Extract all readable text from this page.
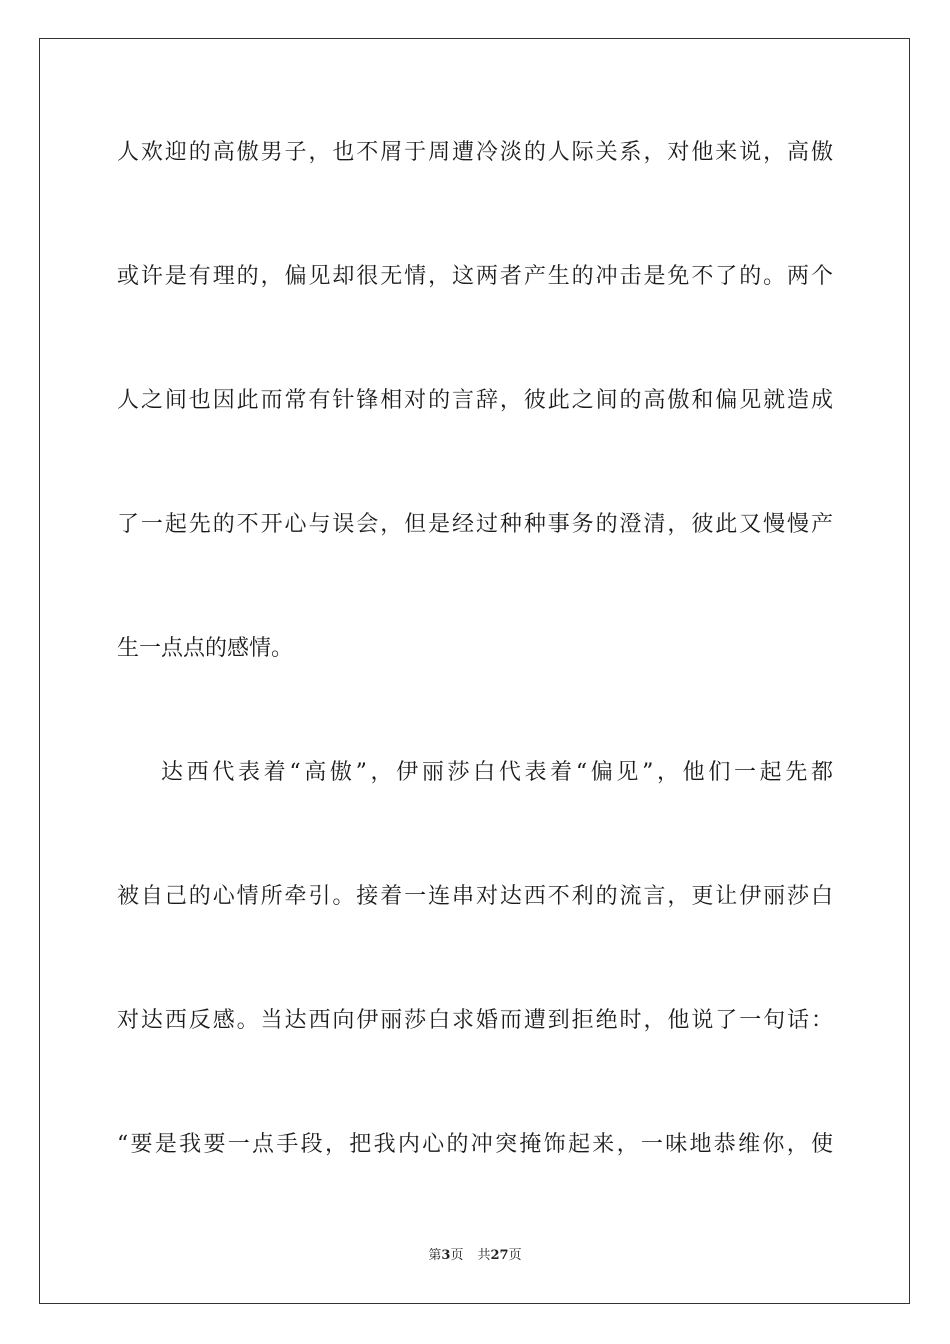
人欢迎的高傲男子，也不屑于周遭冷淡的人际关系，对他来说，高傲
或许是有理的，偏见却很无情，这两者产生的冲击是免不了的。两个
人之间也因此而常有针锋相对的言辞，彼此之间的高傲和偏见就造成
了一起先的不开心与误会，但是经过种种事务的澄清，彼此又慢慢产
生一点点的感情。
达西代表着“高傲”，伊丽莎白代表着“偏见”，他们一起先都
被自己的心情所牵引。接着一连串对达西不利的流言，更让伊丽莎白
对达西反感。当达西向伊丽莎白求婚而遭到拒绝时，他说了一句话：
“要是我要一点手段，把我内心的冲突掩饰起来，一味地恭维你，使
第3页 共27页
